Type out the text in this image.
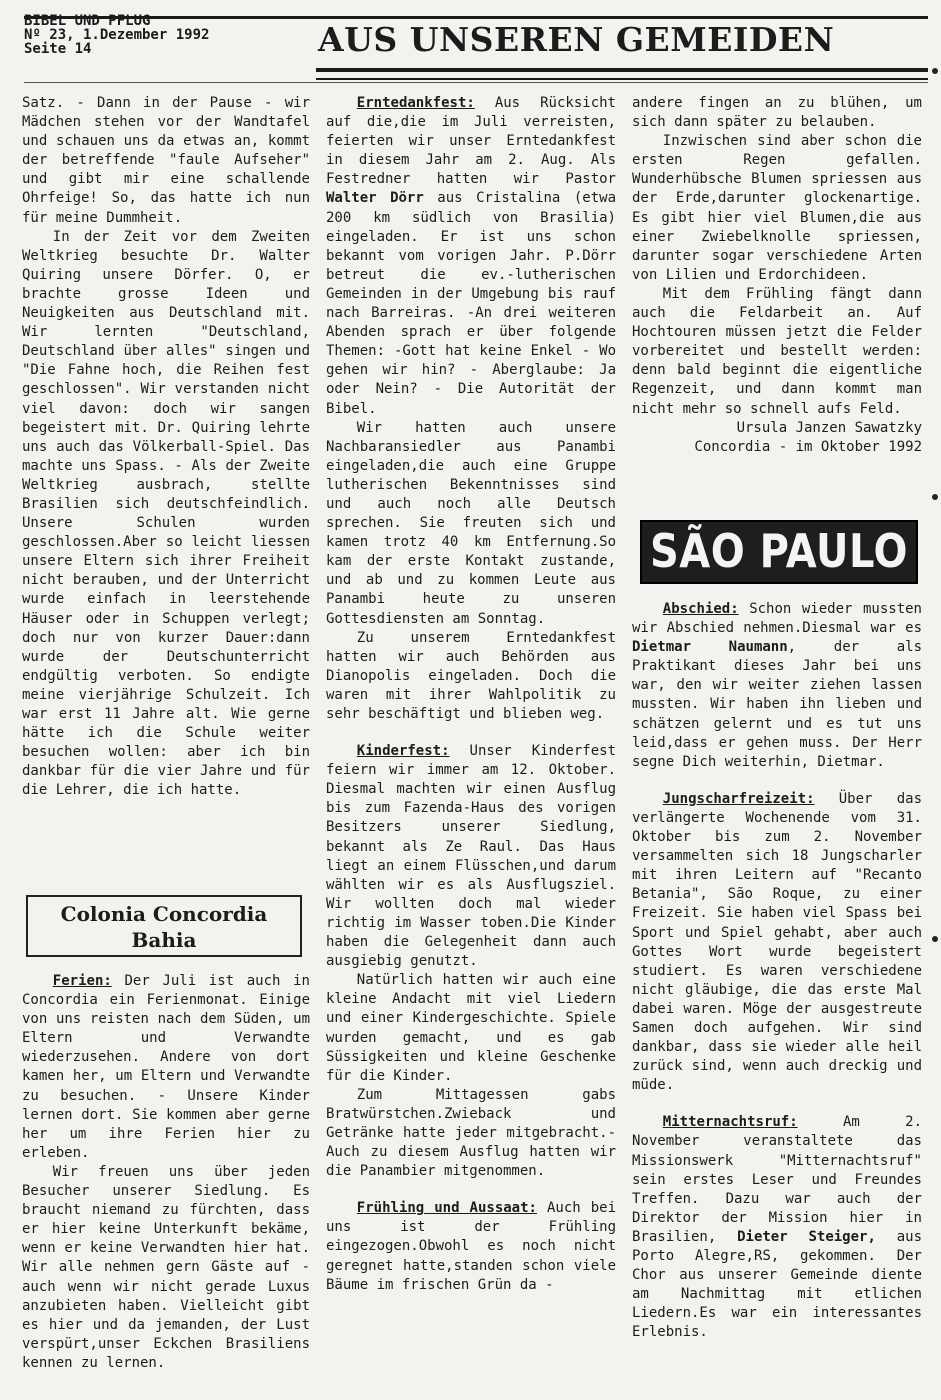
BIBEL UND PFLUG
Nº 23, 1.Dezember 1992
Seite 14	AUS UNSEREN GEMEIDEN

Satz. - Dann in der Pause - wir Mädchen stehen vor der Wandtafel und schauen uns da etwas an, kommt der betreffende "faule Aufseher" und gibt mir eine schallende Ohrfeige! So, das hatte ich nun für meine Dummheit.

In der Zeit vor dem Zweiten Weltkrieg besuchte Dr. Walter Quiring unsere Dörfer. O, er brachte grosse Ideen und Neuigkeiten aus Deutschland mit. Wir lernten "Deutschland, Deutschland über alles" singen und "Die Fahne hoch, die Reihen fest geschlossen". Wir verstanden nicht viel davon: doch wir sangen begeistert mit. Dr. Quiring lehrte uns auch das Völkerball-Spiel. Das machte uns Spass. - Als der Zweite Weltkrieg ausbrach, stellte Brasilien sich deutschfeindlich. Unsere Schulen wurden geschlossen.Aber so leicht liessen unsere Eltern sich ihrer Freiheit nicht berauben, und der Unterricht wurde einfach in leerstehende Häuser oder in Schuppen verlegt; doch nur von kurzer Dauer:dann wurde der Deutschunterricht endgültig verboten. So endigte meine vierjährige Schulzeit. Ich war erst 11 Jahre alt. Wie gerne hätte ich die Schule weiter besuchen wollen: aber ich bin dankbar für die vier Jahre und für die Lehrer, die ich hatte.

Colonia Concordia
Bahia

Ferien: Der Juli ist auch in Concordia ein Ferienmonat. Einige von uns reisten nach dem Süden, um Eltern und Verwandte wiederzusehen. Andere von dort kamen her, um Eltern und Verwandte zu besuchen. - Unsere Kinder lernen dort. Sie kommen aber gerne her um ihre Ferien hier zu erleben.

Wir freuen uns über jeden Besucher unserer Siedlung. Es braucht niemand zu fürchten, dass er hier keine Unterkunft bekäme, wenn er keine Verwandten hier hat. Wir alle nehmen gern Gäste auf - auch wenn wir nicht gerade Luxus anzubieten haben. Vielleicht gibt es hier und da jemanden, der Lust verspürt,unser Eckchen Brasiliens kennen zu lernen.

Erntedankfest: Aus Rücksicht auf die,die im Juli verreisten, feierten wir unser Erntedankfest in diesem Jahr am 2. Aug. Als Festredner hatten wir Pastor Walter Dörr aus Cristalina (etwa 200 km südlich von Brasilia) eingeladen. Er ist uns schon bekannt vom vorigen Jahr. P.Dörr betreut die ev.-lutherischen Gemeinden in der Umgebung bis rauf nach Barreiras. -An drei weiteren Abenden sprach er über folgende Themen: -Gott hat keine Enkel - Wo gehen wir hin? - Aberglaube: Ja oder Nein? - Die Autorität der Bibel.

Wir hatten auch unsere Nachbaransiedler aus Panambi eingeladen,die auch eine Gruppe lutherischen Bekenntnisses sind und auch noch alle Deutsch sprechen. Sie freuten sich und kamen trotz 40 km Entfernung.So kam der erste Kontakt zustande, und ab und zu kommen Leute aus Panambi heute zu unseren Gottesdiensten am Sonntag.

Zu unserem Erntedankfest hatten wir auch Behörden aus Dianopolis eingeladen. Doch die waren mit ihrer Wahlpolitik zu sehr beschäftigt und blieben weg.

Kinderfest: Unser Kinderfest feiern wir immer am 12. Oktober. Diesmal machten wir einen Ausflug bis zum Fazenda-Haus des vorigen Besitzers unserer Siedlung, bekannt als Ze Raul. Das Haus liegt an einem Flüsschen,und darum wählten wir es als Ausflugsziel. Wir wollten doch mal wieder richtig im Wasser toben.Die Kinder haben die Gelegenheit dann auch ausgiebig genutzt.

Natürlich hatten wir auch eine kleine Andacht mit viel Liedern und einer Kindergeschichte. Spiele wurden gemacht, und es gab Süssigkeiten und kleine Geschenke für die Kinder.

Zum Mittagessen gabs Bratwürstchen.Zwieback und Getränke hatte jeder mitgebracht.- Auch zu diesem Ausflug hatten wir die Panambier mitgenommen.

Frühling und Aussaat: Auch bei uns ist der Frühling eingezogen.Obwohl es noch nicht geregnet hatte,standen schon viele Bäume im frischen Grün da -

andere fingen an zu blühen, um sich dann später zu belauben.

Inzwischen sind aber schon die ersten Regen gefallen. Wunderhübsche Blumen spriessen aus der Erde,darunter glockenartige. Es gibt hier viel Blumen,die aus einer Zwiebelknolle spriessen, darunter sogar verschiedene Arten von Lilien und Erdorchideen.

Mit dem Frühling fängt dann auch die Feldarbeit an. Auf Hochtouren müssen jetzt die Felder vorbereitet und bestellt werden: denn bald beginnt die eigentliche Regenzeit, und dann kommt man nicht mehr so schnell aufs Feld.

Ursula Janzen Sawatzky

Concordia - im Oktober 1992

SÃO PAULO

Abschied: Schon wieder mussten wir Abschied nehmen.Diesmal war es Dietmar Naumann, der als Praktikant dieses Jahr bei uns war, den wir weiter ziehen lassen mussten. Wir haben ihn lieben und schätzen gelernt und es tut uns leid,dass er gehen muss. Der Herr segne Dich weiterhin, Dietmar.

Jungscharfreizeit: Über das verlängerte Wochenende vom 31. Oktober bis zum 2. November versammelten sich 18 Jungscharler mit ihren Leitern auf "Recanto Betania", São Roque, zu einer Freizeit. Sie haben viel Spass bei Sport und Spiel gehabt, aber auch Gottes Wort wurde begeistert studiert. Es waren verschiedene nicht gläubige, die das erste Mal dabei waren. Möge der ausgestreute Samen doch aufgehen. Wir sind dankbar, dass sie wieder alle heil zurück sind, wenn auch dreckig und müde.

Mitternachtsruf: Am 2. November veranstaltete das Missionswerk "Mitternachtsruf" sein erstes Leser und Freundes Treffen. Dazu war auch der Direktor der Mission hier in Brasilien, Dieter Steiger, aus Porto Alegre,RS, gekommen. Der Chor aus unserer Gemeinde diente am Nachmittag mit etlichen Liedern.Es war ein interessantes Erlebnis.
